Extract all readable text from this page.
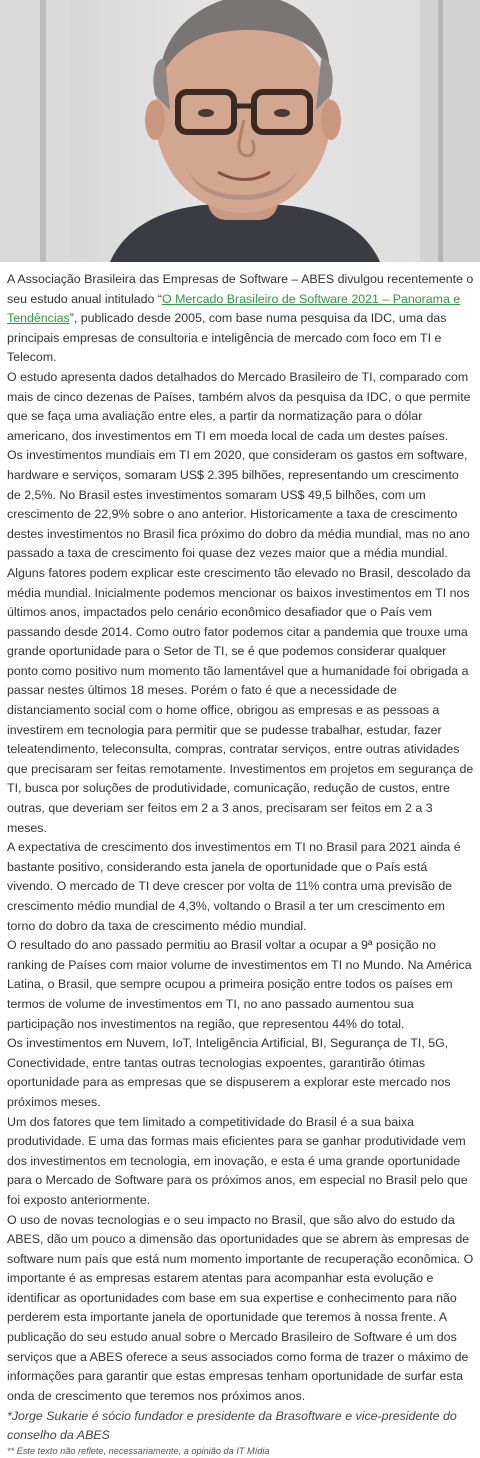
A Associação Brasileira das Empresas de Software – ABES divulgou recentemente o seu estudo anual intitulado “O Mercado Brasileiro de Software 2021 – Panorama e Tendências”, publicado desde 2005, com base numa pesquisa da IDC, uma das principais empresas de consultoria e inteligência de mercado com foco em TI e Telecom.

O estudo apresenta dados detalhados do Mercado Brasileiro de TI, comparado com mais de cinco dezenas de Países, também alvos da pesquisa da IDC, o que permite que se faça uma avaliação entre eles, a partir da normatização para o dólar americano, dos investimentos em TI em moeda local de cada um destes países.

Os investimentos mundiais em TI em 2020, que consideram os gastos em software, hardware e serviços, somaram US$ 2.395 bilhões, representando um crescimento de 2,5%. No Brasil estes investimentos somaram US$ 49,5 bilhões, com um crescimento de 22,9% sobre o ano anterior. Historicamente a taxa de crescimento destes investimentos no Brasil fica próximo do dobro da média mundial, mas no ano passado a taxa de crescimento foi quase dez vezes maior que a média mundial.

Alguns fatores podem explicar este crescimento tão elevado no Brasil, descolado da média mundial. Inicialmente podemos mencionar os baixos investimentos em TI nos últimos anos, impactados pelo cenário econômico desafiador que o País vem passando desde 2014. Como outro fator podemos citar a pandemia que trouxe uma grande oportunidade para o Setor de TI, se é que podemos considerar qualquer ponto como positivo num momento tão lamentável que a humanidade foi obrigada a passar nestes últimos 18 meses. Porém o fato é que a necessidade de distanciamento social com o home office, obrigou as empresas e as pessoas a investirem em tecnologia para permitir que se pudesse trabalhar, estudar, fazer teleatendimento, teleconsulta, compras, contratar serviços, entre outras atividades que precisaram ser feitas remotamente. Investimentos em projetos em segurança de TI, busca por soluções de produtividade, comunicação, redução de custos, entre outras, que deveriam ser feitos em 2 a 3 anos, precisaram ser feitos em 2 a 3 meses.

A expectativa de crescimento dos investimentos em TI no Brasil para 2021 ainda é bastante positivo, considerando esta janela de oportunidade que o País está vivendo. O mercado de TI deve crescer por volta de 11% contra uma previsão de crescimento médio mundial de 4,3%, voltando o Brasil a ter um crescimento em torno do dobro da taxa de crescimento médio mundial.

O resultado do ano passado permitiu ao Brasil voltar a ocupar a 9ª posição no ranking de Países com maior volume de investimentos em TI no Mundo. Na América Latina, o Brasil, que sempre ocupou a primeira posição entre todos os países em termos de volume de investimentos em TI, no ano passado aumentou sua participação nos investimentos na região, que representou 44% do total.

Os investimentos em Nuvem, IoT, Inteligência Artificial, BI, Segurança de TI, 5G, Conectividade, entre tantas outras tecnologias expoentes, garantirão ótimas oportunidade para as empresas que se dispuserem a explorar este mercado nos próximos meses.

Um dos fatores que tem limitado a competitividade do Brasil é a sua baixa produtividade. E uma das formas mais eficientes para se ganhar produtividade vem dos investimentos em tecnologia, em inovação, e esta é uma grande oportunidade para o Mercado de Software para os próximos anos, em especial no Brasil pelo que foi exposto anteriormente.

O uso de novas tecnologias e o seu impacto no Brasil, que são alvo do estudo da ABES, dão um pouco a dimensão das oportunidades que se abrem às empresas de software num país que está num momento importante de recuperação econômica. O importante é as empresas estarem atentas para acompanhar esta evolução e identificar as oportunidades com base em sua expertise e conhecimento para não perderem esta importante janela de oportunidade que teremos à nossa frente. A publicação do seu estudo anual sobre o Mercado Brasileiro de Software é um dos serviços que a ABES oferece a seus associados como forma de trazer o máximo de informações para garantir que estas empresas tenham oportunidade de surfar esta onda de crescimento que teremos nos próximos anos.

*Jorge Sukarie é sócio fundador e presidente da Brasoftware e vice-presidente do conselho da ABES
** Este texto não reflete, necessariamente, a opinião da IT Mídia
